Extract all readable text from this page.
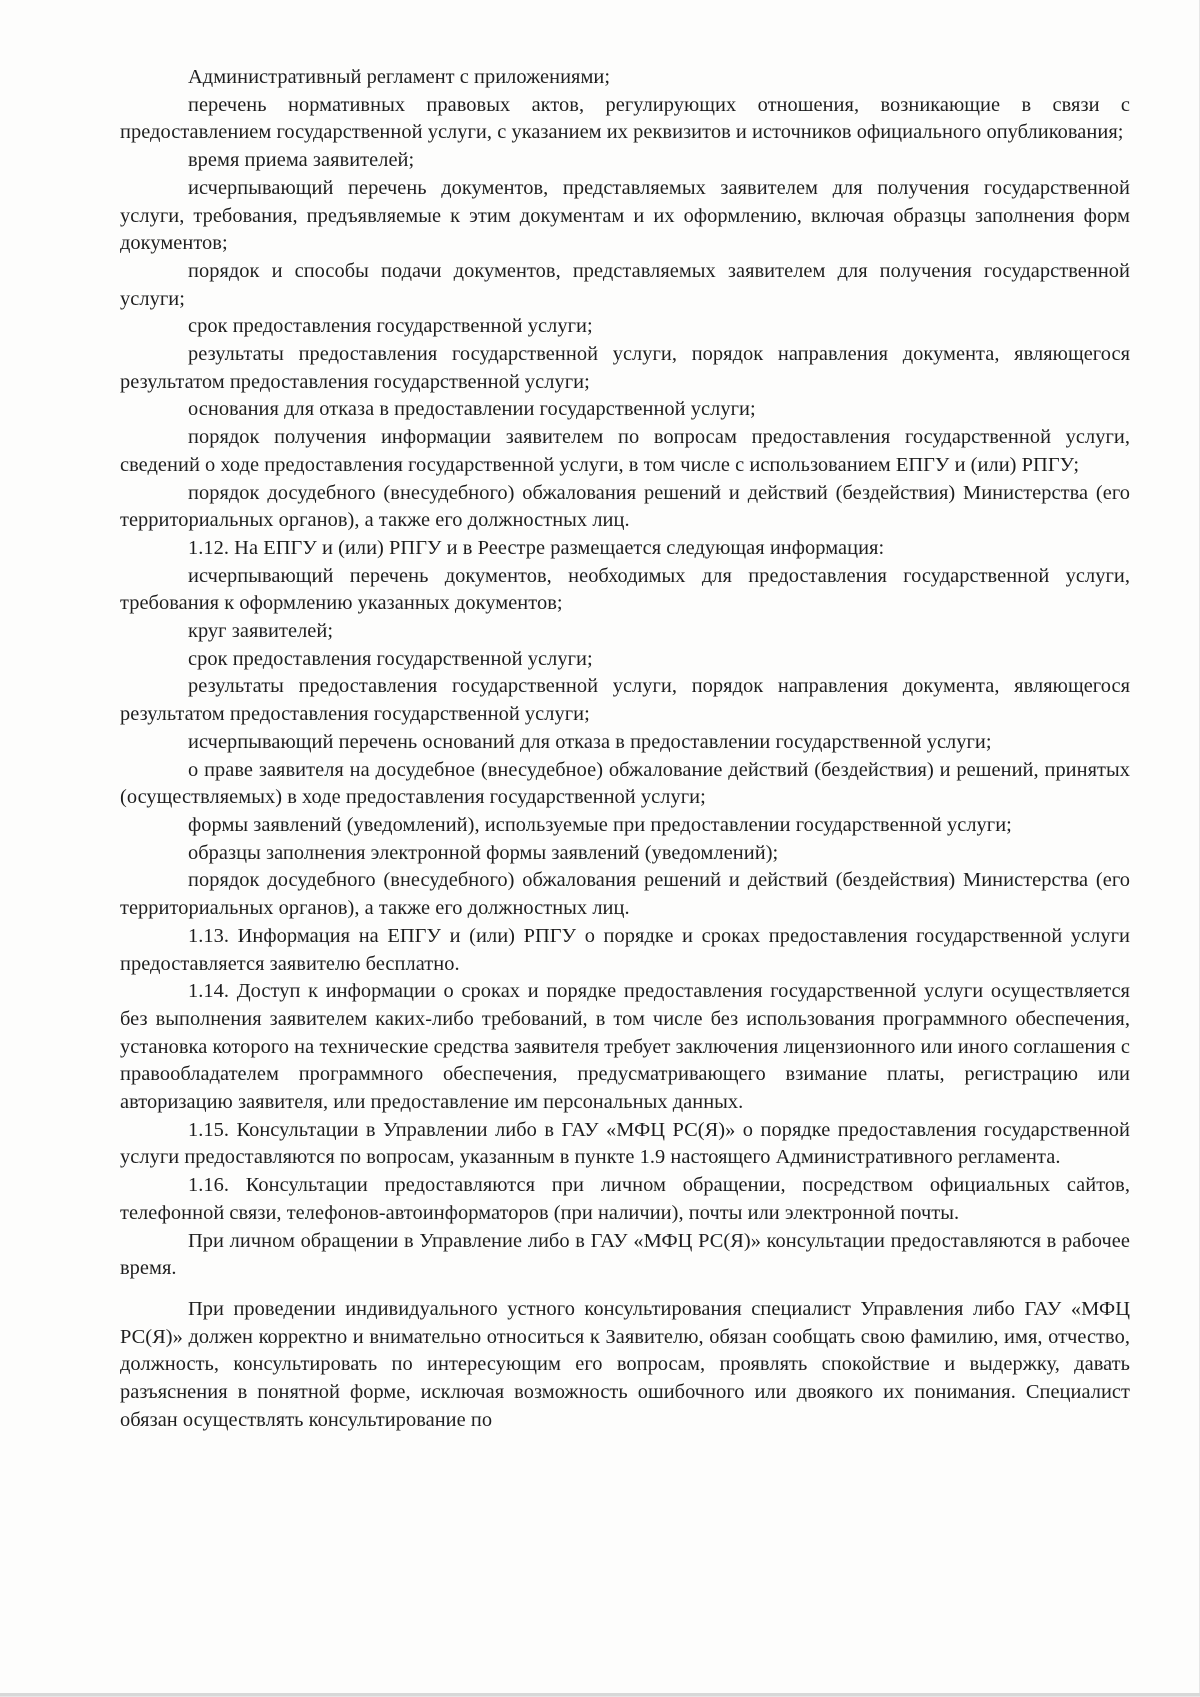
Административный регламент с приложениями;

перечень нормативных правовых актов, регулирующих отношения, возникающие в связи с предоставлением государственной услуги, с указанием их реквизитов и источников официального опубликования;

время приема заявителей;

исчерпывающий перечень документов, представляемых заявителем для получения государственной услуги, требования, предъявляемые к этим документам и их оформлению, включая образцы заполнения форм документов;

порядок и способы подачи документов, представляемых заявителем для получения государственной услуги;

срок предоставления государственной услуги;

результаты предоставления государственной услуги, порядок направления документа, являющегося результатом предоставления государственной услуги;

основания для отказа в предоставлении государственной услуги;

порядок получения информации заявителем по вопросам предоставления государственной услуги, сведений о ходе предоставления государственной услуги, в том числе с использованием ЕПГУ и (или) РПГУ;

порядок досудебного (внесудебного) обжалования решений и действий (бездействия) Министерства (его территориальных органов), а также его должностных лиц.

1.12. На ЕПГУ и (или) РПГУ и в Реестре размещается следующая информация:

исчерпывающий перечень документов, необходимых для предоставления государственной услуги, требования к оформлению указанных документов;

круг заявителей;

срок предоставления государственной услуги;

результаты предоставления государственной услуги, порядок направления документа, являющегося результатом предоставления государственной услуги;

исчерпывающий перечень оснований для отказа в предоставлении государственной услуги;

о праве заявителя на досудебное (внесудебное) обжалование действий (бездействия) и решений, принятых (осуществляемых) в ходе предоставления государственной услуги;

формы заявлений (уведомлений), используемые при предоставлении государственной услуги;

образцы заполнения электронной формы заявлений (уведомлений);

порядок досудебного (внесудебного) обжалования решений и действий (бездействия) Министерства (его территориальных органов), а также его должностных лиц.

1.13. Информация на ЕПГУ и (или) РПГУ о порядке и сроках предоставления государственной услуги предоставляется заявителю бесплатно.

1.14. Доступ к информации о сроках и порядке предоставления государственной услуги осуществляется без выполнения заявителем каких-либо требований, в том числе без использования программного обеспечения, установка которого на технические средства заявителя требует заключения лицензионного или иного соглашения с правообладателем программного обеспечения, предусматривающего взимание платы, регистрацию или авторизацию заявителя, или предоставление им персональных данных.

1.15. Консультации в Управлении либо в ГАУ «МФЦ РС(Я)» о порядке предоставления государственной услуги предоставляются по вопросам, указанным в пункте 1.9 настоящего Административного регламента.

1.16. Консультации предоставляются при личном обращении, посредством официальных сайтов, телефонной связи, телефонов-автоинформаторов (при наличии), почты или электронной почты.

При личном обращении в Управление либо в ГАУ «МФЦ РС(Я)» консультации предоставляются в рабочее время.

При проведении индивидуального устного консультирования специалист Управления либо ГАУ «МФЦ РС(Я)» должен корректно и внимательно относиться к Заявителю, обязан сообщать свою фамилию, имя, отчество, должность, консультировать по интересующим его вопросам, проявлять спокойствие и выдержку, давать разъяснения в понятной форме, исключая возможность ошибочного или двоякого их понимания. Специалист обязан осуществлять консультирование по
